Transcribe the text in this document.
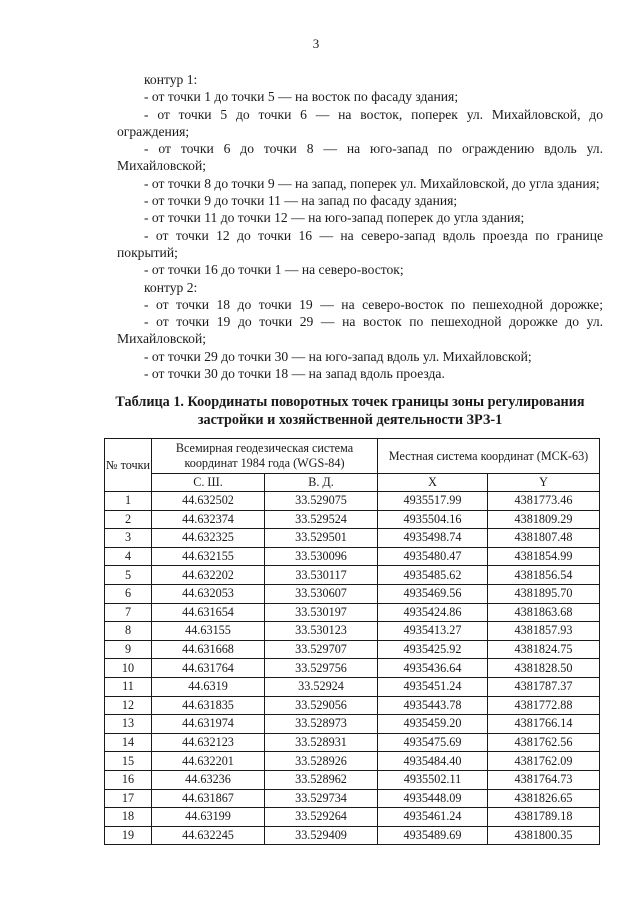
3

контур 1:

- от точки 1 до точки 5 — на восток по фасаду здания;

- от точки 5 до точки 6 — на восток, поперек ул. Михайловской, до ограждения;

- от точки 6 до точки 8 — на юго-запад по ограждению вдоль ул. Михайловской;

- от точки 8 до точки 9 — на запад, поперек ул. Михайловской, до угла здания;

- от точки 9 до точки 11 — на запад по фасаду здания;

- от точки 11 до точки 12 — на юго-запад поперек до угла здания;

- от точки 12 до точки 16 — на северо-запад вдоль проезда по границе покрытий;

- от точки 16 до точки 1 — на северо-восток;

контур 2:

- от точки 18 до точки 19 — на северо-восток по пешеходной дорожке;

- от точки 19 до точки 29 — на восток по пешеходной дорожке до ул. Михайловской;

- от точки 29 до точки 30 — на юго-запад вдоль ул. Михайловской;

- от точки 30 до точки 18 — на запад вдоль проезда.

Таблица 1. Координаты поворотных точек границы зоны регулирования застройки и хозяйственной деятельности ЗРЗ-1
№ точки	Всемирная геодезическая система координат 1984 года (WGS-84)		Местная система координат (МСК-63)	
	С. Ш.	В. Д.	X	Y
1	44.632502	33.529075	4935517.99	4381773.46
2	44.632374	33.529524	4935504.16	4381809.29
3	44.632325	33.529501	4935498.74	4381807.48
4	44.632155	33.530096	4935480.47	4381854.99
5	44.632202	33.530117	4935485.62	4381856.54
6	44.632053	33.530607	4935469.56	4381895.70
7	44.631654	33.530197	4935424.86	4381863.68
8	44.63155	33.530123	4935413.27	4381857.93
9	44.631668	33.529707	4935425.92	4381824.75
10	44.631764	33.529756	4935436.64	4381828.50
11	44.6319	33.52924	4935451.24	4381787.37
12	44.631835	33.529056	4935443.78	4381772.88
13	44.631974	33.528973	4935459.20	4381766.14
14	44.632123	33.528931	4935475.69	4381762.56
15	44.632201	33.528926	4935484.40	4381762.09
16	44.63236	33.528962	4935502.11	4381764.73
17	44.631867	33.529734	4935448.09	4381826.65
18	44.63199	33.529264	4935461.24	4381789.18
19	44.632245	33.529409	4935489.69	4381800.35
